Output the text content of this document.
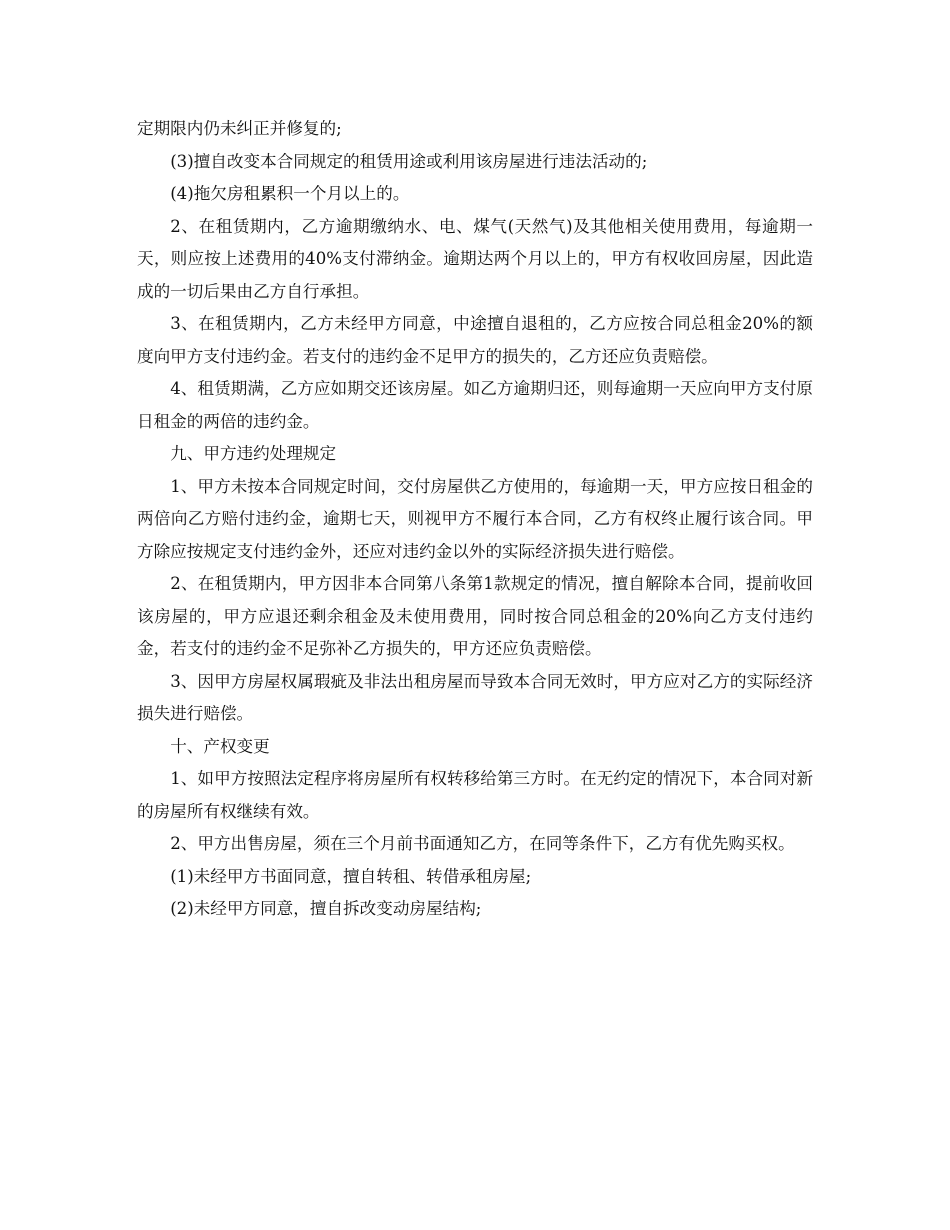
定期限内仍未纠正并修复的;

(3)擅自改变本合同规定的租赁用途或利用该房屋进行违法活动的;

(4)拖欠房租累积一个月以上的。

2、在租赁期内，乙方逾期缴纳水、电、煤气(天然气)及其他相关使用费用，每逾期一天，则应按上述费用的40%支付滞纳金。逾期达两个月以上的，甲方有权收回房屋，因此造成的一切后果由乙方自行承担。

3、在租赁期内，乙方未经甲方同意，中途擅自退租的，乙方应按合同总租金20%的额度向甲方支付违约金。若支付的违约金不足甲方的损失的，乙方还应负责赔偿。

4、租赁期满，乙方应如期交还该房屋。如乙方逾期归还，则每逾期一天应向甲方支付原日租金的两倍的违约金。

九、甲方违约处理规定

1、甲方未按本合同规定时间，交付房屋供乙方使用的，每逾期一天，甲方应按日租金的两倍向乙方赔付违约金，逾期七天，则视甲方不履行本合同，乙方有权终止履行该合同。甲方除应按规定支付违约金外，还应对违约金以外的实际经济损失进行赔偿。

2、在租赁期内，甲方因非本合同第八条第1款规定的情况，擅自解除本合同，提前收回该房屋的，甲方应退还剩余租金及未使用费用，同时按合同总租金的20%向乙方支付违约金，若支付的违约金不足弥补乙方损失的，甲方还应负责赔偿。

3、因甲方房屋权属瑕疵及非法出租房屋而导致本合同无效时，甲方应对乙方的实际经济损失进行赔偿。

十、产权变更

1、如甲方按照法定程序将房屋所有权转移给第三方时。在无约定的情况下，本合同对新的房屋所有权继续有效。

2、甲方出售房屋，须在三个月前书面通知乙方，在同等条件下，乙方有优先购买权。

(1)未经甲方书面同意，擅自转租、转借承租房屋;

(2)未经甲方同意，擅自拆改变动房屋结构;
